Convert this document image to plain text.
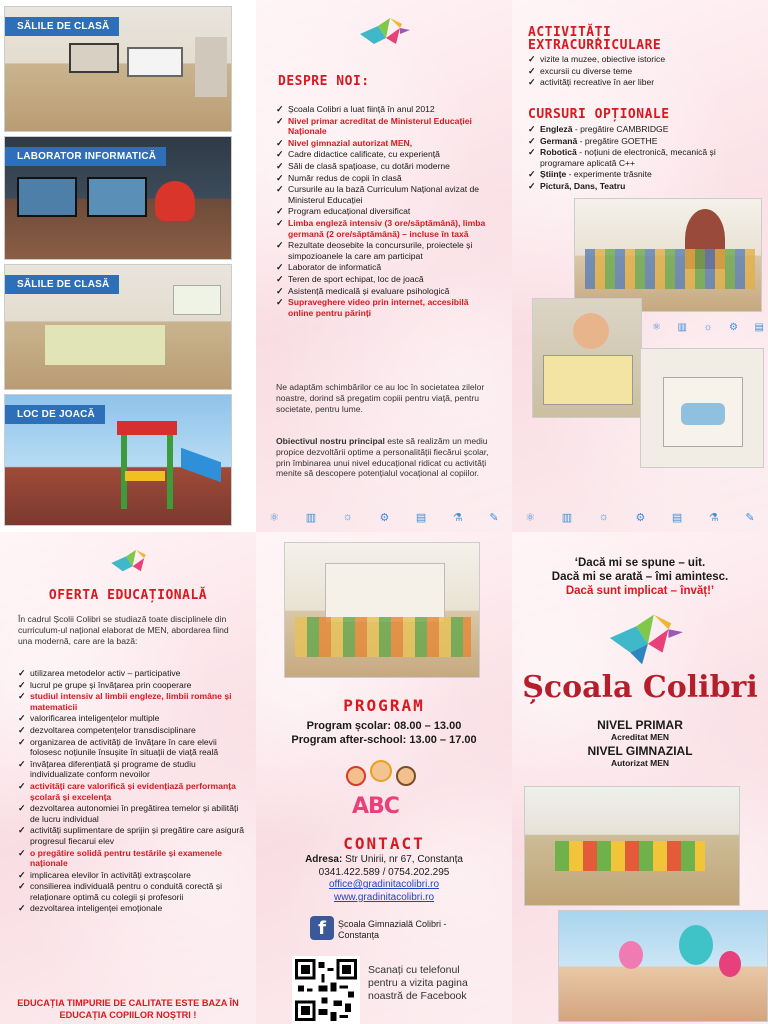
SĂLILE DE CLASĂ
LABORATOR INFORMATICĂ
SĂLILE DE CLASĂ
LOC DE JOACĂ
DESPRE NOI:
✓ Școala Colibri a luat ființă în anul 2012
✓ Nivel primar acreditat de Ministerul Educației Naționale
✓ Nivel gimnazial autorizat MEN,
✓ Cadre didactice calificate, cu experiență
✓ Săli de clasă spațioase, cu dotări moderne
✓ Număr redus de copii în clasă
✓ Cursurile au la bază Curriculum Național avizat de Ministerul Educației
✓ Program educațional diversificat
✓ Limba engleză intensiv (3 ore/săptămână), limba germană (2 ore/săptămână) – incluse în taxă
✓ Rezultate deosebite la concursurile, proiectele și simpozioanele la care am participat
✓ Laborator de informatică
✓ Teren de sport echipat, loc de joacă
✓ Asistență medicală și evaluare psihologică
✓ Supraveghere video prin internet, accesibilă online pentru părinți
Ne adaptăm schimbărilor ce au loc în societatea zilelor noastre, dorind să pregatim copiii pentru viață, pentru societate, pentru lume.
Obiectivul nostru principal este să realizăm un mediu propice dezvoltării optime a personalității fiecărui școlar, prin îmbinarea unui nivel educațional ridicat cu activități menite să descopere potențialul vocațional al copiilor.
⚛ ▥ ☼ ⚙ ▤ ⚗ ✎
ACTIVITĂȚI
EXTRACURRICULARE
✓ vizite la muzee, obiective istorice
✓ excursii cu diverse teme
✓ activități recreative în aer liber
CURSURI OPȚIONALE
✓ Engleză - pregătire CAMBRIDGE
✓ Germană - pregătire GOETHE
✓ Robotică - noțiuni de electronică, mecanică și programare aplicată C++
✓ Științe - experimente trăsnite
✓ Pictură, Dans, Teatru
⚛ ▥ ☼ ⚙ ▤
⚛ ▥ ☼ ⚙ ▤ ⚗ ✎
OFERTA EDUCAȚIONALĂ
În cadrul Școlii Colibri se studiază toate disciplinele din curriculum-ul național elaborat de MEN, abordarea fiind una modernă, care are la bază:
✓ utilizarea metodelor activ – participative
✓ lucrul pe grupe și învățarea prin cooperare
✓ studiul intensiv al limbii engleze, limbii române și matematicii
✓ valorificarea inteligențelor multiple
✓ dezvoltarea competențelor transdisciplinare
✓ organizarea de activități de învățare în care elevii folosesc noțiunile însușite în situații de viață reală
✓ învățarea diferențiată și programe de studiu individualizate conform nevoilor
✓ activități care valorifică și evidențiază performanța școlară și excelența
✓ dezvoltarea autonomiei în pregătirea temelor și abilități de lucru individual
✓ activități suplimentare de sprijin și pregătire care asigură progresul fiecarui elev
✓ o pregătire solidă pentru testările și examenele naționale
✓ implicarea elevilor în activități extrașcolare
✓ consilierea individuală pentru o conduită corectă și relaționare optimă cu colegii și profesorii
✓ dezvoltarea inteligenței emoționale
EDUCAȚIA TIMPURIE DE CALITATE ESTE BAZA ÎN EDUCAȚIA COPIILOR NOȘTRI !
PROGRAM
Program școlar: 08.00 – 13.00
Program after-school: 13.00 – 17.00
ABC
CONTACT
Adresa: Str Unirii, nr 67, Constanța
0341.422.589 / 0754.202.295
office@gradinitacolibri.ro
www.gradinitacolibri.ro
f	Școala Gimnazială Colibri - Constanța
Scanați cu telefonul pentru a vizita pagina noastră de Facebook
‘Dacă mi se spune – uit.
Dacă mi se arată – îmi amintesc.
Dacă sunt implicat – învăț!’
Școala Colibri
NIVEL PRIMAR
Acreditat MEN
NIVEL GIMNAZIAL
Autorizat MEN
